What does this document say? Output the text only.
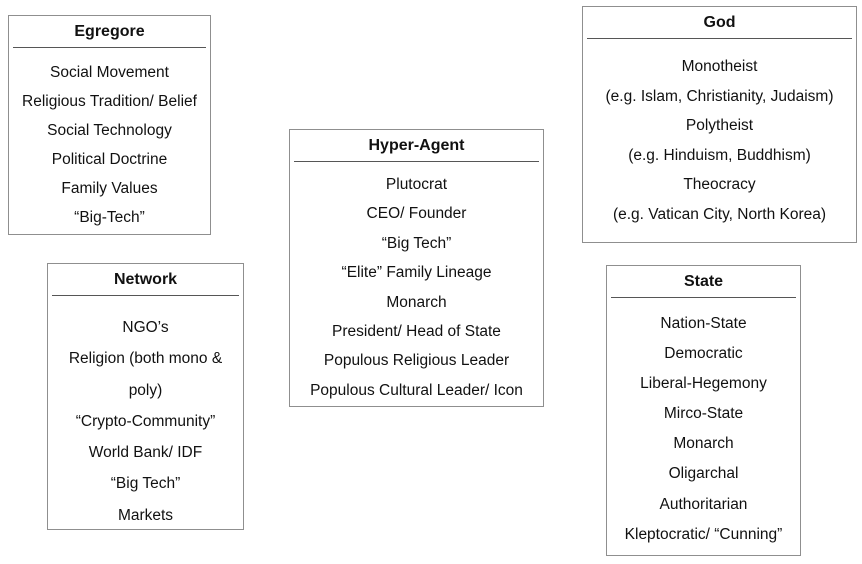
Egregore
Social Movement
Religious Tradition/ Belief
Social Technology
Political Doctrine
Family Values
“Big-Tech”
God
Monotheist
(e.g. Islam, Christianity, Judaism)
Polytheist
(e.g. Hinduism, Buddhism)
Theocracy
(e.g. Vatican City, North Korea)
Hyper-Agent
Plutocrat
CEO/ Founder
“Big Tech”
“Elite” Family Lineage
Monarch
President/ Head of State
Populous Religious Leader
Populous Cultural Leader/ Icon
Network
NGO’s
Religion (both mono & poly)
“Crypto-Community”
World Bank/ IDF
“Big Tech”
Markets
State
Nation-State
Democratic
Liberal-Hegemony
Mirco-State
Monarch
Oligarchal
Authoritarian
Kleptocratic/ “Cunning”
